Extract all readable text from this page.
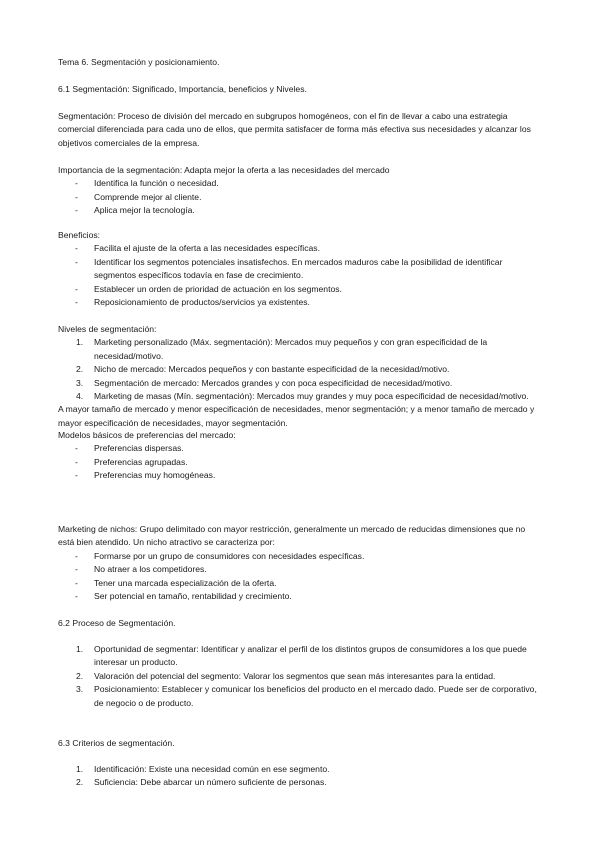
Tema 6. Segmentación y posicionamiento.

6.1 Segmentación: Significado, Importancia, beneficios y Niveles.

Segmentación: Proceso de división del mercado en subgrupos homogéneos, con el fin de llevar a cabo una estrategia comercial diferenciada para cada uno de ellos, que permita satisfacer de forma más efectiva sus necesidades y alcanzar los objetivos comerciales de la empresa.

Importancia de la segmentación: Adapta mejor la oferta a las necesidades del mercado

- Identifica la función o necesidad.
- Comprende mejor al cliente.
- Aplica mejor la tecnología.

Beneficios:

- Facilita el ajuste de la oferta a las necesidades específicas.
- Identificar los segmentos potenciales insatisfechos. En mercados maduros cabe la posibilidad de identificar segmentos específicos todavía en fase de crecimiento.
- Establecer un orden de prioridad de actuación en los segmentos.
- Reposicionamiento de productos/servicios ya existentes.

Niveles de segmentación:

1. Marketing personalizado (Máx. segmentación): Mercados muy pequeños y con gran especificidad de la necesidad/motivo.
2. Nicho de mercado: Mercados pequeños y con bastante especificidad de la necesidad/motivo.
3. Segmentación de mercado: Mercados grandes y con poca especificidad de necesidad/motivo.
4. Marketing de masas (Mín. segmentación): Mercados muy grandes y muy poca especificidad de necesidad/motivo.

A mayor tamaño de mercado y menor especificación de necesidades, menor segmentación; y a menor tamaño de mercado y mayor especificación de necesidades, mayor segmentación.

Modelos básicos de preferencias del mercado:

- Preferencias dispersas.
- Preferencias agrupadas.
- Preferencias muy homogéneas.

Marketing de nichos: Grupo delimitado con mayor restricción, generalmente un mercado de reducidas dimensiones que no está bien atendido. Un nicho atractivo se caracteriza por:

- Formarse por un grupo de consumidores con necesidades específicas.
- No atraer a los competidores.
- Tener una marcada especialización de la oferta.
- Ser potencial en tamaño, rentabilidad y crecimiento.

6.2 Proceso de Segmentación.

1. Oportunidad de segmentar: Identificar y analizar el perfil de los distintos grupos de consumidores a los que puede interesar un producto.
2. Valoración del potencial del segmento: Valorar los segmentos que sean más interesantes para la entidad.
3. Posicionamiento: Establecer y comunicar los beneficios del producto en el mercado dado. Puede ser de corporativo, de negocio o de producto.

6.3 Criterios de segmentación.

1. Identificación: Existe una necesidad común en ese segmento.
2. Suficiencia: Debe abarcar un número suficiente de personas.
